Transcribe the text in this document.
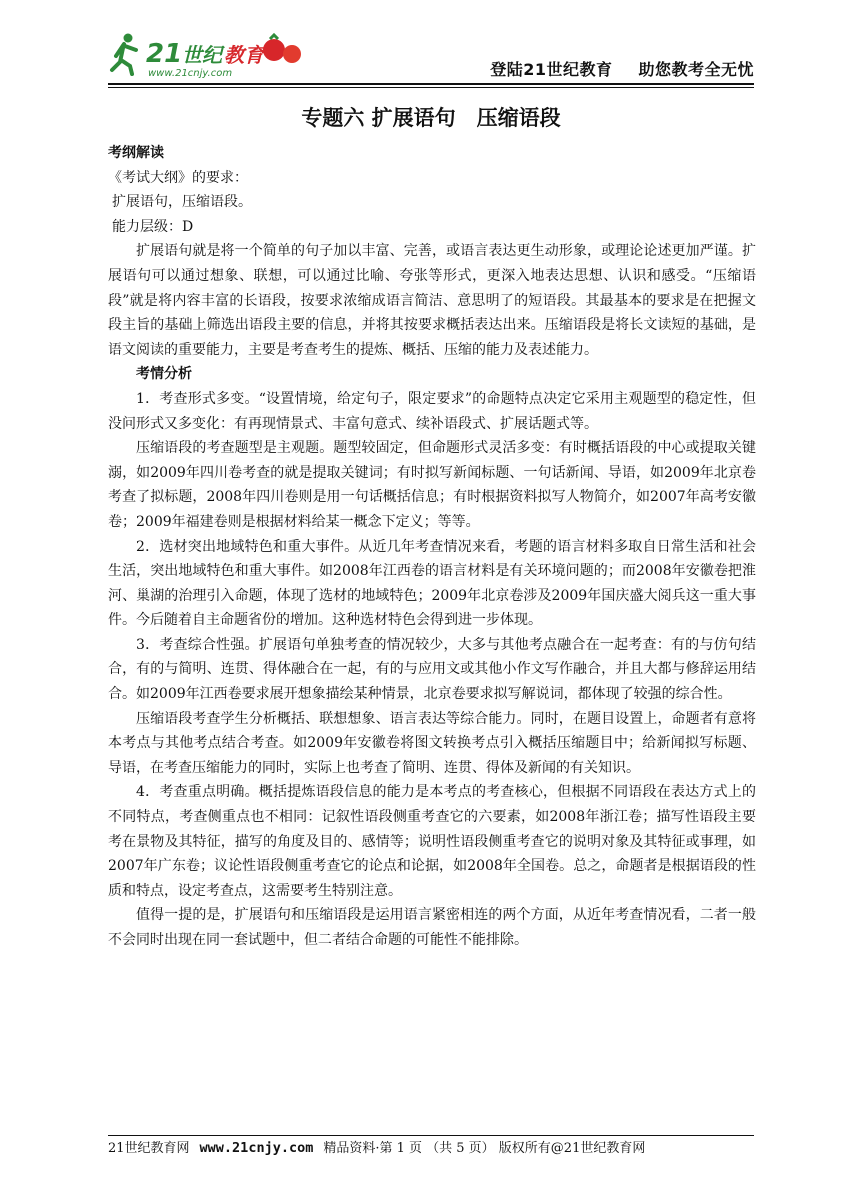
21 世纪 教育
www.21cnjy.com	登陆21世纪教育 助您教考全无忧
专题六 扩展语句　压缩语段

考纲解读

《考试大纲》的要求：

扩展语句，压缩语段。

能力层级：D

扩展语句就是将一个简单的句子加以丰富、完善，或语言表达更生动形象，或理论论述更加严谨。扩展语句可以通过想象、联想，可以通过比喻、夸张等形式，更深入地表达思想、认识和感受。“压缩语段”就是将内容丰富的长语段，按要求浓缩成语言简洁、意思明了的短语段。其最基本的要求是在把握文段主旨的基础上筛选出语段主要的信息，并将其按要求概括表达出来。压缩语段是将长文读短的基础，是语文阅读的重要能力，主要是考查考生的提炼、概括、压缩的能力及表述能力。

考情分析

1．考查形式多变。“设置情境，给定句子，限定要求”的命题特点决定它采用主观题型的稳定性，但没问形式又多变化：有再现情景式、丰富句意式、续补语段式、扩展话题式等。

压缩语段的考查题型是主观题。题型较固定，但命题形式灵活多变：有时概括语段的中心或提取关键溺，如2009年四川卷考查的就是提取关键词；有时拟写新闻标题、一句话新闻、导语，如2009年北京卷考查了拟标题，2008年四川卷则是用一句话概括信息；有时根据资料拟写人物简介，如2007年高考安徽卷；2009年福建卷则是根据材料给某一概念下定义；等等。

2．选材突出地域特色和重大事件。从近几年考查情况来看，考题的语言材料多取自日常生活和社会生活，突出地域特色和重大事件。如2008年江西卷的语言材料是有关环境问题的；而2008年安徽卷把淮河、巢湖的治理引入命题，体现了选材的地域特色；2009年北京卷涉及2009年国庆盛大阅兵这一重大事件。今后随着自主命题省份的增加。这种选材特色会得到进一步体现。

3．考查综合性强。扩展语句单独考查的情况较少，大多与其他考点融合在一起考查：有的与仿句结合，有的与简明、连贯、得体融合在一起，有的与应用文或其他小作文写作融合，并且大都与修辞运用结合。如2009年江西卷要求展开想象描绘某种情景，北京卷要求拟写解说词，都体现了较强的综合性。

压缩语段考查学生分析概括、联想想象、语言表达等综合能力。同时，在题目设置上，命题者有意将本考点与其他考点结合考查。如2009年安徽卷将图文转换考点引入概括压缩题目中；给新闻拟写标题、导语，在考查压缩能力的同时，实际上也考查了简明、连贯、得体及新闻的有关知识。

4．考查重点明确。概括提炼语段信息的能力是本考点的考查核心，但根据不同语段在表达方式上的不同特点，考查侧重点也不相同：记叙性语段侧重考查它的六要素，如2008年浙江卷；描写性语段主要考在景物及其特征，描写的角度及目的、感情等；说明性语段侧重考查它的说明对象及其特征或事理，如2007年广东卷；议论性语段侧重考查它的论点和论据，如2008年全国卷。总之，命题者是根据语段的性质和特点，设定考查点，这需要考生特别注意。

值得一提的是，扩展语句和压缩语段是运用语言紧密相连的两个方面，从近年考查情况看，二者一般不会同时出现在同一套试题中，但二者结合命题的可能性不能排除。

21世纪教育网 www.21cnjy.com 精品资料·第 1 页 （共 5 页） 版权所有@21世纪教育网
